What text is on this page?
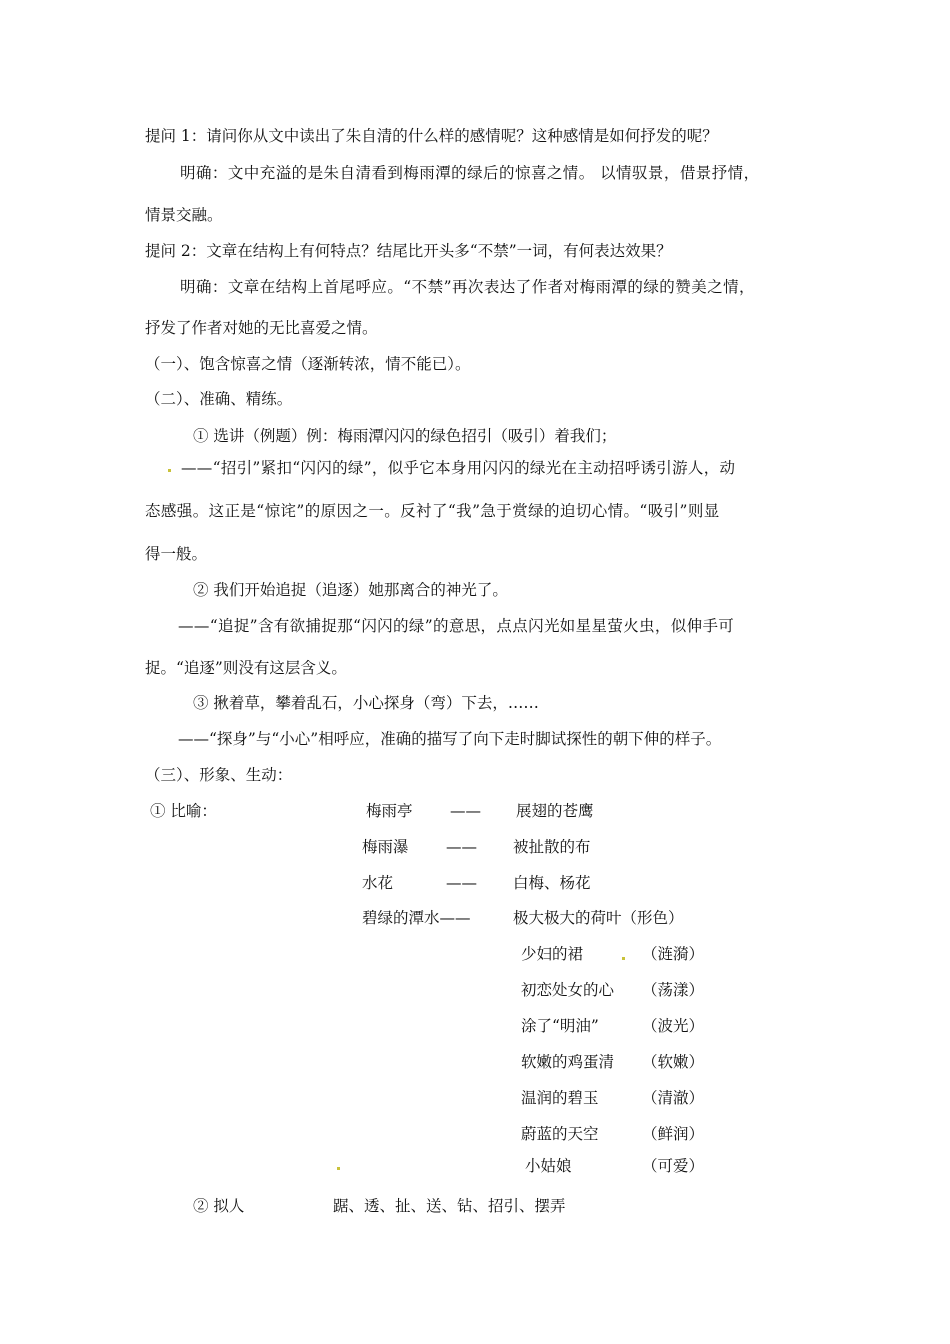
提问 1：请问你从文中读出了朱自清的什么样的感情呢？这种感情是如何抒发的呢？
明确：文中充溢的是朱自清看到梅雨潭的绿后的惊喜之情。 以情驭景，借景抒情，
情景交融。
提问 2：文章在结构上有何特点？结尾比开头多“不禁”一词，有何表达效果？
明确：文章在结构上首尾呼应。“不禁”再次表达了作者对梅雨潭的绿的赞美之情，
抒发了作者对她的无比喜爱之情。
（一）、饱含惊喜之情（逐渐转浓，情不能已）。
（二）、准确、精练。
① 选讲（例题）例：梅雨潭闪闪的绿色招引（吸引）着我们；
——“招引”紧扣“闪闪的绿”，似乎它本身用闪闪的绿光在主动招呼诱引游人，动
态感强。这正是“惊诧”的原因之一。反衬了“我”急于赏绿的迫切心情。“吸引”则显
得一般。
② 我们开始追捉（追逐）她那离合的神光了。
——“追捉”含有欲捕捉那“闪闪的绿”的意思，点点闪光如星星萤火虫，似伸手可
捉。“追逐”则没有这层含义。
③ 揪着草，攀着乱石，小心探身（弯）下去，……
——“探身”与“小心”相呼应，准确的描写了向下走时脚试探性的朝下伸的样子。
（三）、形象、生动：
① 比喻：	梅雨亭 —— 展翅的苍鹰
梅雨瀑 —— 被扯散的布
水花	—— 白梅、杨花
碧绿的潭水——	极大极大的荷叶（形色）
少妇的裙	（涟漪）
初恋处女的心 （荡漾）
涂了“明油”	（波光）
软嫩的鸡蛋清 （软嫩）
温润的碧玉	（清澈）
蔚蓝的天空	（鲜润）
小姑娘	（可爱）
② 拟人	踞、透、扯、送、钻、招引、摆弄
